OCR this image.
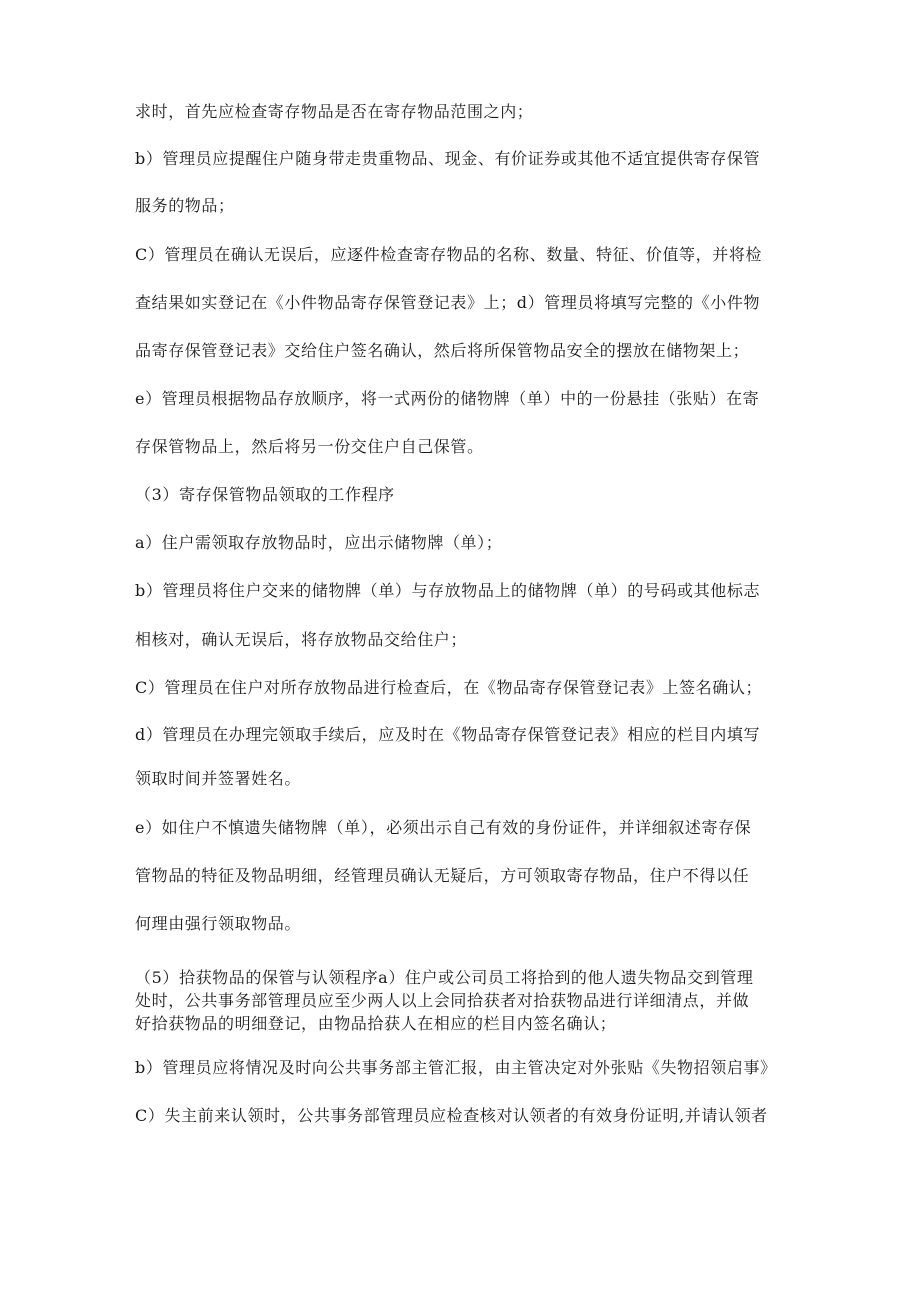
求时，首先应检查寄存物品是否在寄存物品范围之内；
b）管理员应提醒住户随身带走贵重物品、现金、有价证券或其他不适宜提供寄存保管
服务的物品；
C）管理员在确认无误后，应逐件检查寄存物品的名称、数量、特征、价值等，并将检
查结果如实登记在《小件物品寄存保管登记表》上；d）管理员将填写完整的《小件物
品寄存保管登记表》交给住户签名确认，然后将所保管物品安全的摆放在储物架上；
e）管理员根据物品存放顺序，将一式两份的储物牌（单）中的一份悬挂（张贴）在寄
存保管物品上，然后将另一份交住户自己保管。
（3）寄存保管物品领取的工作程序
a）住户需领取存放物品时，应出示储物牌（单）；
b）管理员将住户交来的储物牌（单）与存放物品上的储物牌（单）的号码或其他标志
相核对，确认无误后，将存放物品交给住户；
C）管理员在住户对所存放物品进行检查后，在《物品寄存保管登记表》上签名确认；
d）管理员在办理完领取手续后，应及时在《物品寄存保管登记表》相应的栏目内填写
领取时间并签署姓名。
e）如住户不慎遗失储物牌（单），必须出示自己有效的身份证件，并详细叙述寄存保
管物品的特征及物品明细，经管理员确认无疑后，方可领取寄存物品，住户不得以任
何理由强行领取物品。
（5）拾获物品的保管与认领程序a）住户或公司员工将拾到的他人遗失物品交到管理
处时，公共事务部管理员应至少两人以上会同拾获者对拾获物品进行详细清点，并做
好拾获物品的明细登记，由物品拾获人在相应的栏目内签名确认；
b）管理员应将情况及时向公共事务部主管汇报，由主管决定对外张贴《失物招领启事》
C）失主前来认领时，公共事务部管理员应检查核对认领者的有效身份证明,并请认领者
